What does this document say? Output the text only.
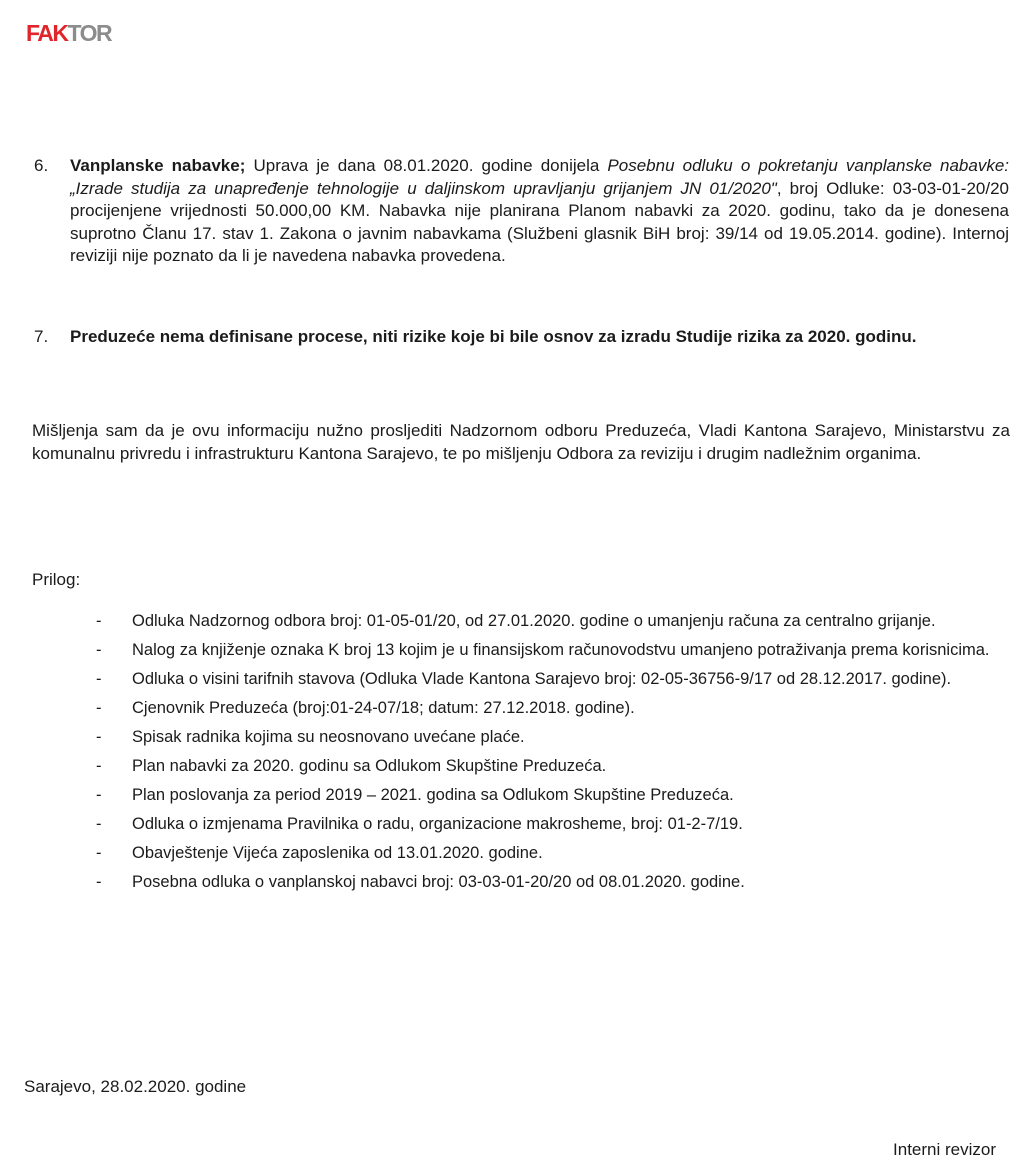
FAKTOR
6.	Vanplanske nabavke; Uprava je dana 08.01.2020. godine donijela Posebnu odluku o pokretanju vanplanske nabavke: „Izrade studija za unapređenje tehnologije u daljinskom upravljanju grijanjem JN 01/2020", broj Odluke: 03-03-01-20/20 procijenjene vrijednosti 50.000,00 KM. Nabavka nije planirana Planom nabavki za 2020. godinu, tako da je donesena suprotno Članu 17. stav 1. Zakona o javnim nabavkama (Službeni glasnik BiH broj: 39/14 od 19.05.2014. godine). Internoj reviziji nije poznato da li je navedena nabavka provedena.

7.	Preduzeće nema definisane procese, niti rizike koje bi bile osnov za izradu Studije rizika za 2020. godinu.

Mišljenja sam da je ovu informaciju nužno prosljediti Nadzornom odboru Preduzeća, Vladi Kantona Sarajevo, Ministarstvu za komunalnu privredu i infrastrukturu Kantona Sarajevo, te po mišljenju Odbora za reviziju i drugim nadležnim organima.

Prilog:

- Odluka Nadzornog odbora broj: 01-05-01/20, od 27.01.2020. godine o umanjenju računa za centralno grijanje.
- Nalog za knjiženje oznaka K broj 13 kojim je u finansijskom računovodstvu umanjeno potraživanja prema korisnicima.
- Odluka o visini tarifnih stavova (Odluka Vlade Kantona Sarajevo broj: 02-05-36756-9/17 od 28.12.2017. godine).
- Cjenovnik Preduzeća (broj:01-24-07/18; datum: 27.12.2018. godine).
- Spisak radnika kojima su neosnovano uvećane plaće.
- Plan nabavki za 2020. godinu sa Odlukom Skupštine Preduzeća.
- Plan poslovanja za period 2019 – 2021. godina sa Odlukom Skupštine Preduzeća.
- Odluka o izmjenama Pravilnika o radu, organizacione makrosheme, broj: 01-2-7/19.
- Obavještenje Vijeća zaposlenika od 13.01.2020. godine.
- Posebna odluka o vanplanskoj nabavci broj: 03-03-01-20/20 od 08.01.2020. godine.

Sarajevo, 28.02.2020. godine

Interni revizor
